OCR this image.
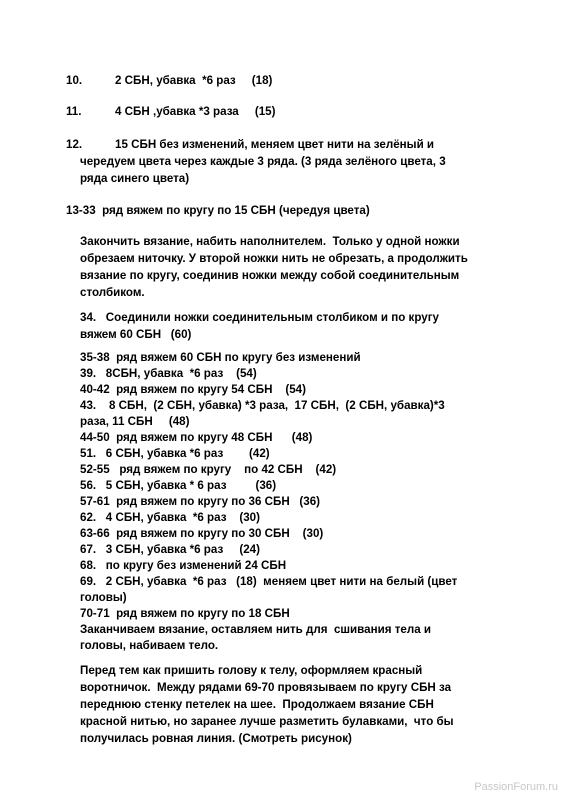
10.	2 СБН, убавка  *6 раз     (18)
11.	4 СБН ,убавка *3 раза     (15)
12.	15 СБН без изменений, меняем цвет нити на зелёный и
чередуем цвета через каждые 3 ряда. (3 ряда зелёного цвета, 3
ряда синего цвета)
13-33  ряд вяжем по кругу по 15 СБН (чередуя цвета)
Закончить вязание, набить наполнителем.  Только у одной ножки
обрезаем ниточку. У второй ножки нить не обрезать, а продолжить
вязание по кругу, соединив ножки между собой соединительным
столбиком.
34.   Соединили ножки соединительным столбиком и по кругу
вяжем 60 СБН   (60)
35-38  ряд вяжем 60 СБН по кругу без изменений
39.   8СБН, убавка  *6 раз    (54)
40-42  ряд вяжем по кругу 54 СБН    (54)
43.    8 СБН,  (2 СБН, убавка) *3 раза,  17 СБН,  (2 СБН, убавка)*3
раза, 11 СБН     (48)
44-50  ряд вяжем по кругу 48 СБН      (48)
51.   6 СБН, убавка *6 раз        (42)
52-55   ряд вяжем по кругу    по 42 СБН    (42)
56.   5 СБН, убавка * 6 раз         (36)
57-61  ряд вяжем по кругу по 36 СБН   (36)
62.   4 СБН, убавка  *6 раз    (30)
63-66  ряд вяжем по кругу по 30 СБН    (30)
67.   3 СБН, убавка *6 раз     (24)
68.   по кругу без изменений 24 СБН
69.   2 СБН, убавка  *6 раз   (18)  меняем цвет нити на белый (цвет
головы)
70-71  ряд вяжем по кругу по 18 СБН
Заканчиваем вязание, оставляем нить для  сшивания тела и
головы, набиваем тело.
Перед тем как пришить голову к телу, оформляем красный
воротничок.  Между рядами 69-70 провязываем по кругу СБН за
переднюю стенку петелек на шее.  Продолжаем вязание СБН
красной нитью, но заранее лучше разметить булавками,  что бы
получилась ровная линия. (Смотреть рисунок)
PassionForum.ru
